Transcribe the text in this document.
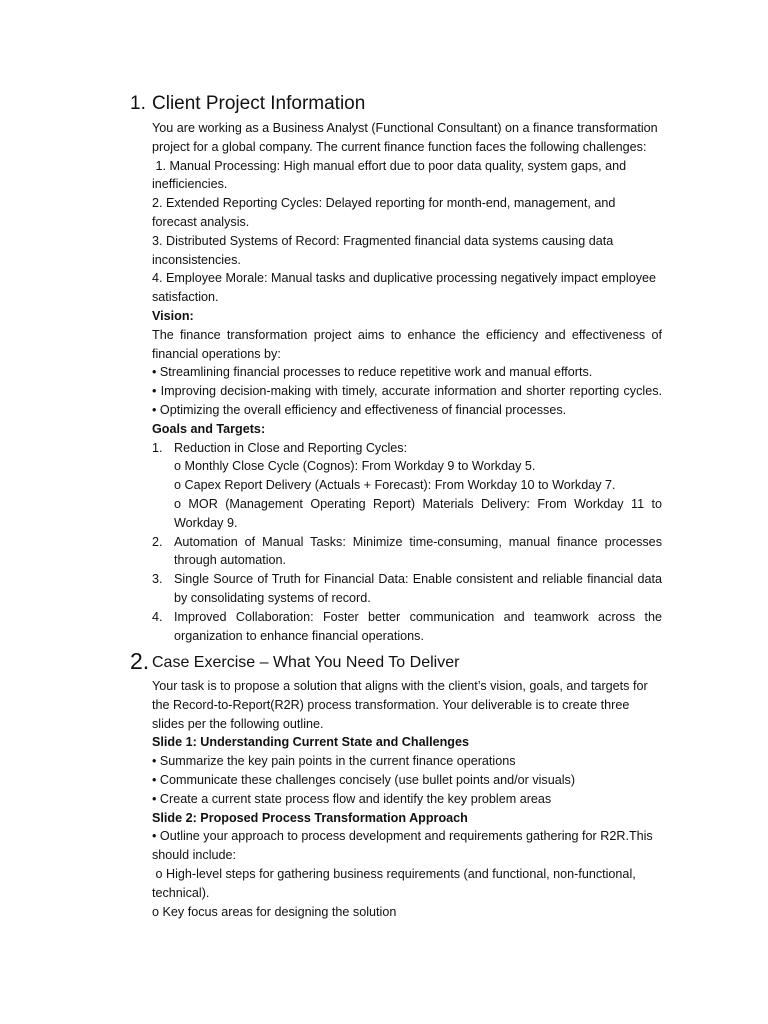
1. Client Project Information

You are working as a Business Analyst (Functional Consultant) on a finance transformation project for a global company. The current finance function faces the following challenges:

1. Manual Processing: High manual effort due to poor data quality, system gaps, and inefficiencies.

2. Extended Reporting Cycles: Delayed reporting for month-end, management, and forecast analysis.

3. Distributed Systems of Record: Fragmented financial data systems causing data inconsistencies.

4. Employee Morale: Manual tasks and duplicative processing negatively impact employee satisfaction.

Vision:

The finance transformation project aims to enhance the efficiency and effectiveness of financial operations by:

• Streamlining financial processes to reduce repetitive work and manual efforts.

• Improving decision-making with timely, accurate information and shorter reporting cycles. • Optimizing the overall efficiency and effectiveness of financial processes.

Goals and Targets:

1. Reduction in Close and Reporting Cycles:
o Monthly Close Cycle (Cognos): From Workday 9 to Workday 5.
o Capex Report Delivery (Actuals + Forecast): From Workday 10 to Workday 7.
o MOR (Management Operating Report) Materials Delivery: From Workday 11 to Workday 9.
2. Automation of Manual Tasks: Minimize time-consuming, manual finance processes through automation.
3. Single Source of Truth for Financial Data: Enable consistent and reliable financial data by consolidating systems of record.
4. Improved Collaboration: Foster better communication and teamwork across the organization to enhance financial operations.
2. Case Exercise – What You Need To Deliver

Your task is to propose a solution that aligns with the client’s vision, goals, and targets for the Record-to-Report(R2R) process transformation. Your deliverable is to create three slides per the following outline.

Slide 1: Understanding Current State and Challenges

• Summarize the key pain points in the current finance operations

• Communicate these challenges concisely (use bullet points and/or visuals)

• Create a current state process flow and identify the key problem areas

Slide 2: Proposed Process Transformation Approach

• Outline your approach to process development and requirements gathering for R2R.This should include:

o High-level steps for gathering business requirements (and functional, non-functional, technical).

o Key focus areas for designing the solution
